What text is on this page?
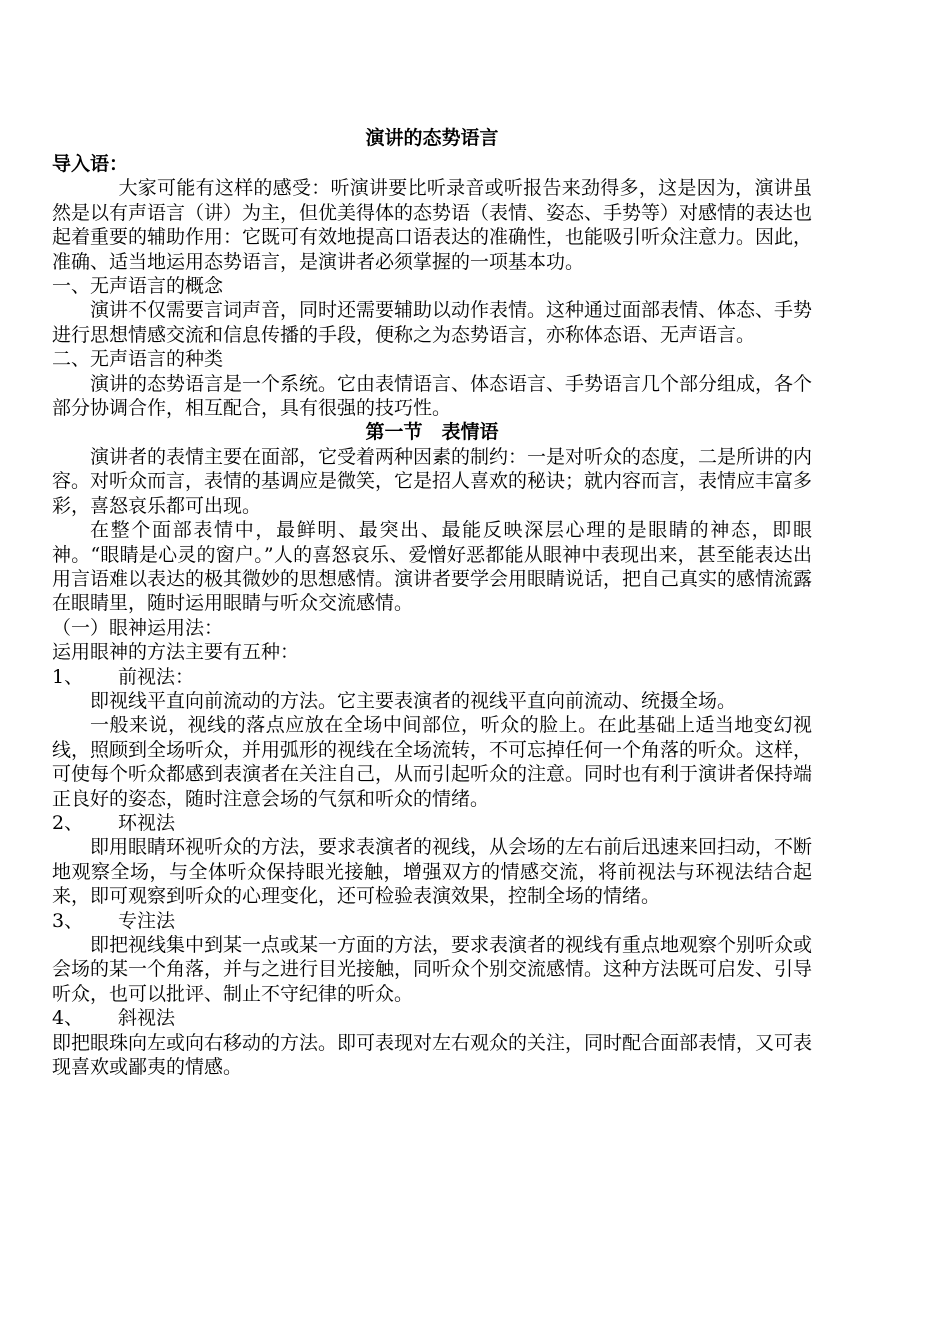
演讲的态势语言

导入语：

大家可能有这样的感受：听演讲要比听录音或听报告来劲得多，这是因为，演讲虽然是以有声语言（讲）为主，但优美得体的态势语（表情、姿态、手势等）对感情的表达也起着重要的辅助作用：它既可有效地提高口语表达的准确性，也能吸引听众注意力。因此，准确、适当地运用态势语言，是演讲者必须掌握的一项基本功。

一、无声语言的概念

演讲不仅需要言词声音，同时还需要辅助以动作表情。这种通过面部表情、体态、手势进行思想情感交流和信息传播的手段，便称之为态势语言，亦称体态语、无声语言。

二、无声语言的种类

演讲的态势语言是一个系统。它由表情语言、体态语言、手势语言几个部分组成，各个部分协调合作，相互配合，具有很强的技巧性。

第一节　表情语

演讲者的表情主要在面部，它受着两种因素的制约：一是对听众的态度，二是所讲的内容。对听众而言，表情的基调应是微笑，它是招人喜欢的秘诀；就内容而言，表情应丰富多彩，喜怒哀乐都可出现。

在整个面部表情中，最鲜明、最突出、最能反映深层心理的是眼睛的神态，即眼神。“眼睛是心灵的窗户。”人的喜怒哀乐、爱憎好恶都能从眼神中表现出来，甚至能表达出用言语难以表达的极其微妙的思想感情。演讲者要学会用眼睛说话，把自己真实的感情流露在眼睛里，随时运用眼睛与听众交流感情。

（一）眼神运用法：

运用眼神的方法主要有五种：

1、	前视法：

即视线平直向前流动的方法。它主要表演者的视线平直向前流动、统摄全场。

一般来说，视线的落点应放在全场中间部位，听众的脸上。在此基础上适当地变幻视线，照顾到全场听众，并用弧形的视线在全场流转，不可忘掉任何一个角落的听众。这样，可使每个听众都感到表演者在关注自己，从而引起听众的注意。同时也有利于演讲者保持端正良好的姿态，随时注意会场的气氛和听众的情绪。

2、	环视法

即用眼睛环视听众的方法，要求表演者的视线，从会场的左右前后迅速来回扫动，不断地观察全场，与全体听众保持眼光接触，增强双方的情感交流，将前视法与环视法结合起来，即可观察到听众的心理变化，还可检验表演效果，控制全场的情绪。

3、	专注法

即把视线集中到某一点或某一方面的方法，要求表演者的视线有重点地观察个别听众或会场的某一个角落，并与之进行目光接触，同听众个别交流感情。这种方法既可启发、引导听众，也可以批评、制止不守纪律的听众。

4、	斜视法

即把眼珠向左或向右移动的方法。即可表现对左右观众的关注，同时配合面部表情，又可表现喜欢或鄙夷的情感。
